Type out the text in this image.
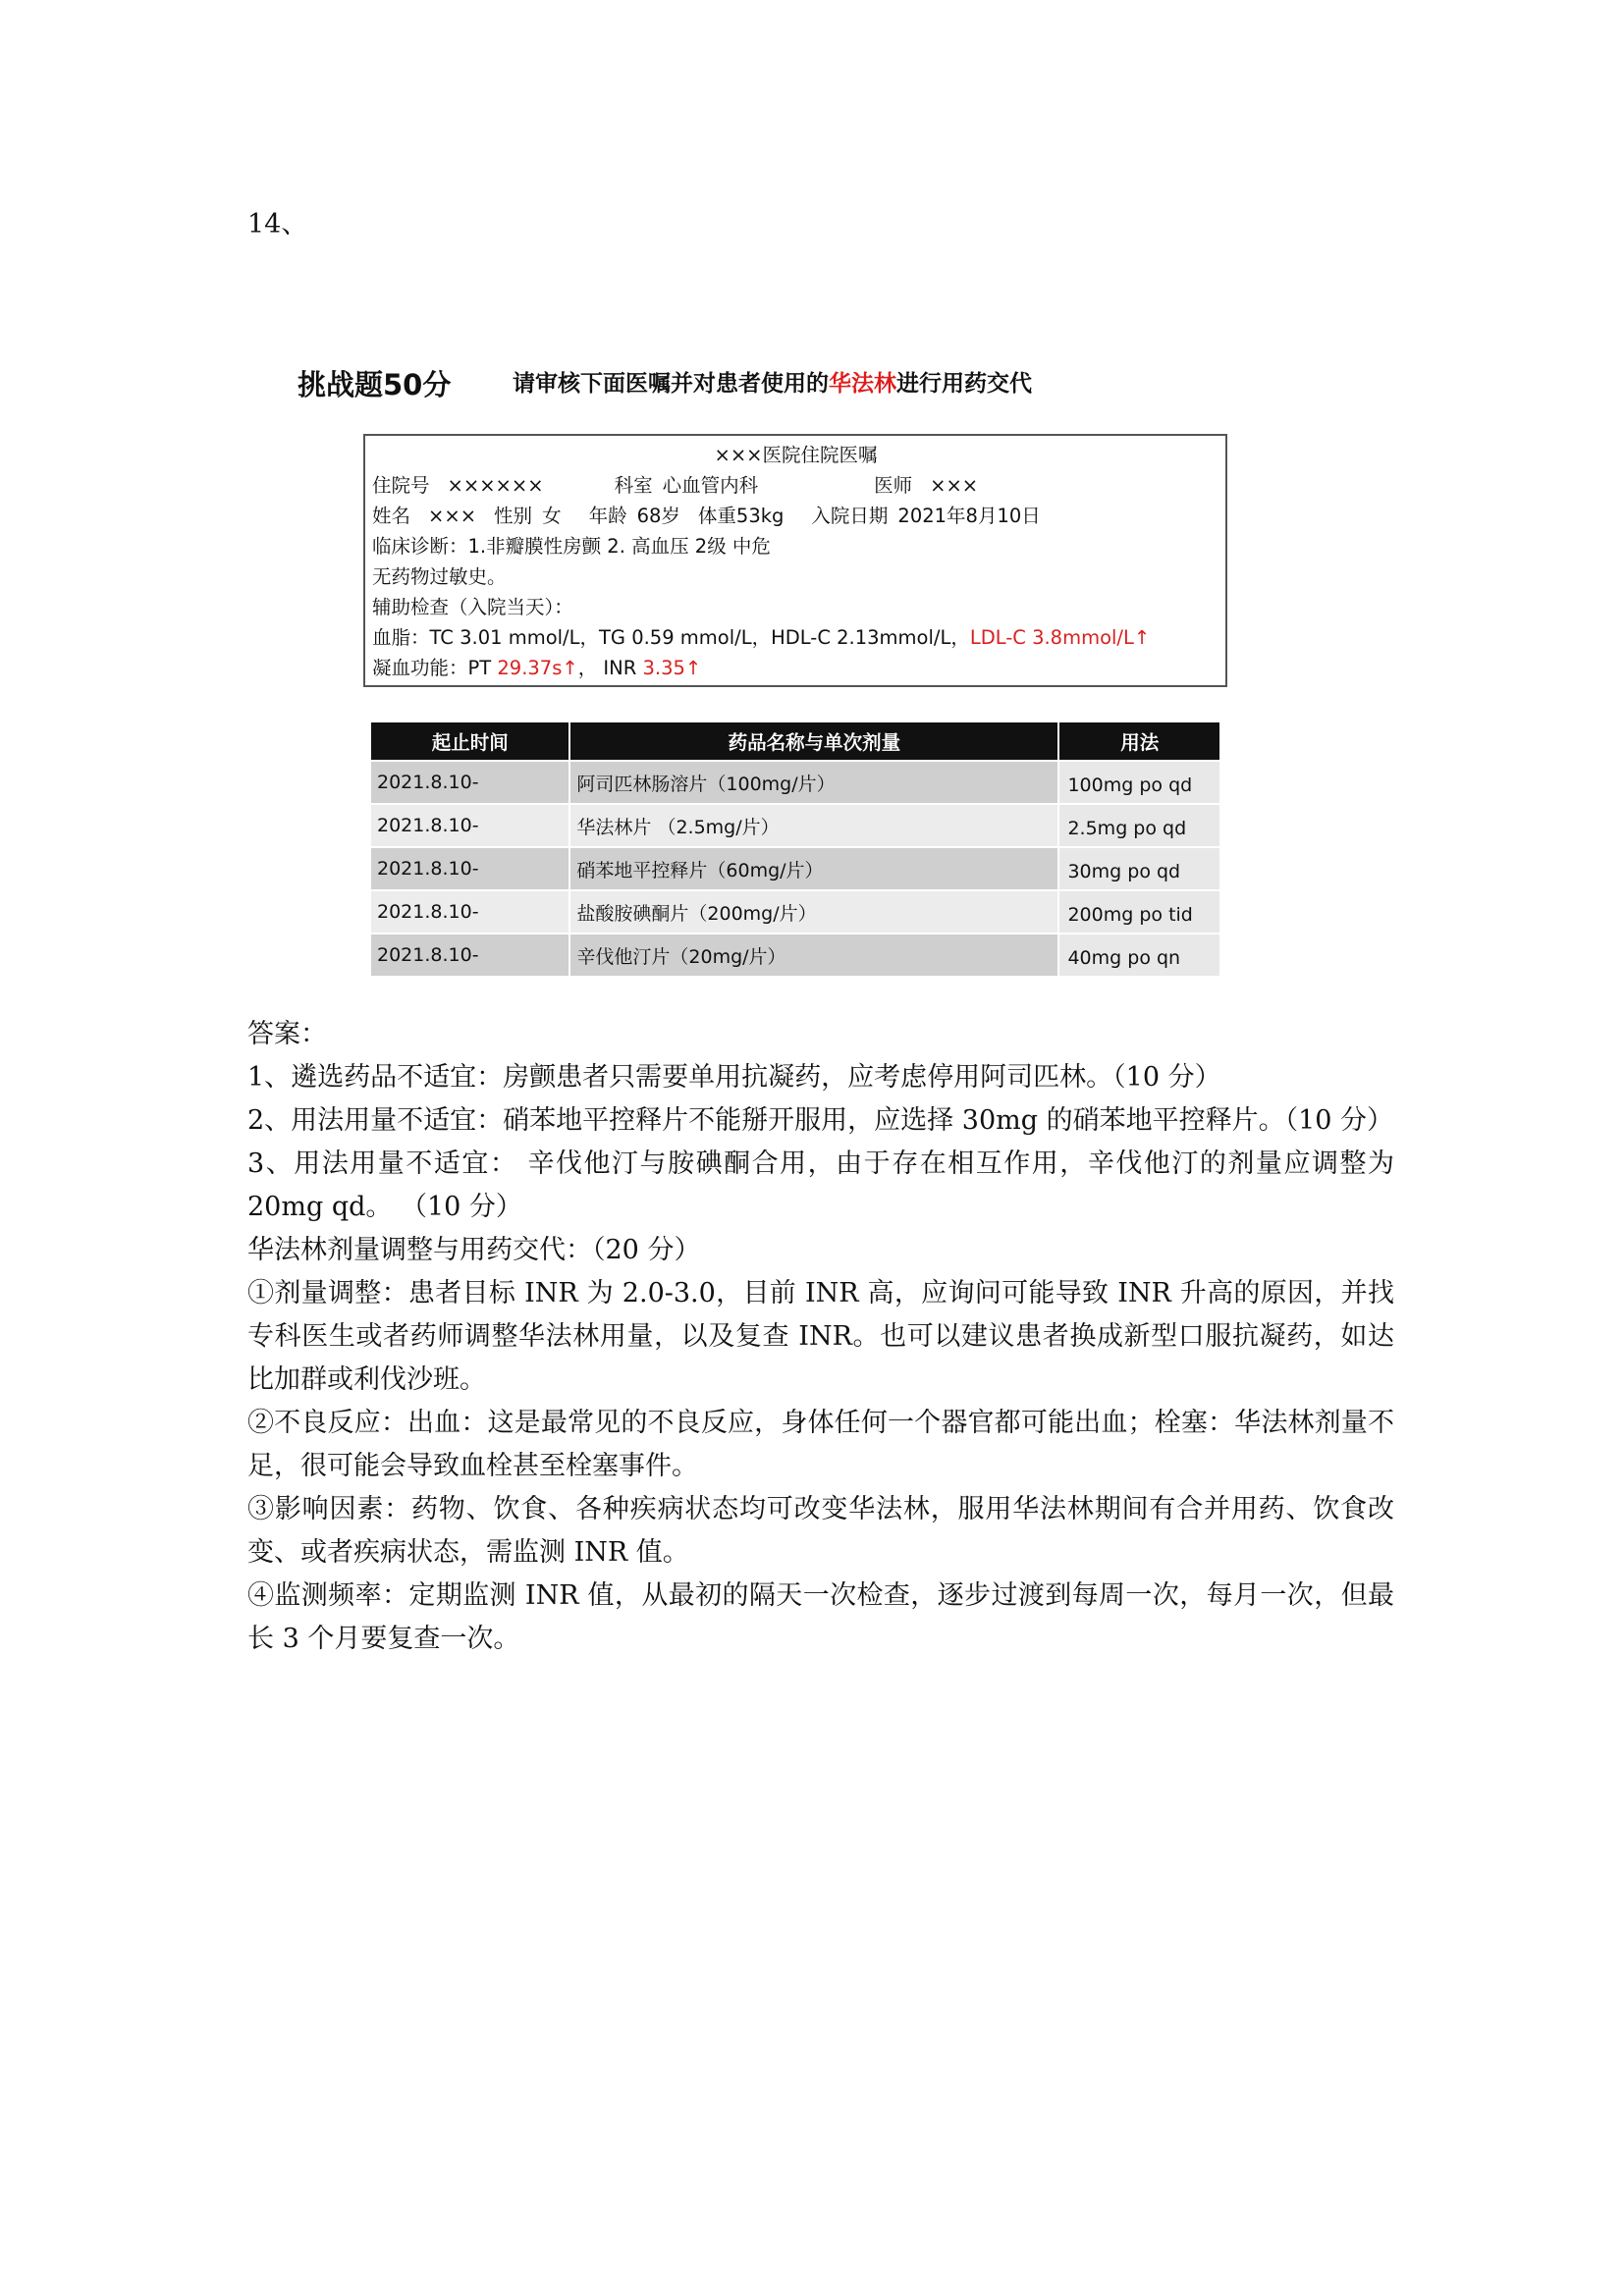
14、
挑战题50分	请审核下面医嘱并对患者使用的华法林进行用药交代
×××医院住院医嘱
住院号 ××××××	科室 心血管内科	医师 ×××
姓名 ××× 性别 女 年龄 68岁 体重53kg 入院日期 2021年8月10日
临床诊断：1.非瓣膜性房颤 2. 高血压 2级 中危
无药物过敏史。
辅助检查（入院当天）：
血脂：TC 3.01 mmol/L，TG 0.59 mmol/L，HDL-C 2.13mmol/L，LDL-C 3.8mmol/L↑
凝血功能：PT 29.37s↑， INR 3.35↑
起止时间	药品名称与单次剂量	用法
2021.8.10-	阿司匹林肠溶片（100mg/片）	100mg po qd
2021.8.10-	华法林片 （2.5mg/片）	2.5mg po qd
2021.8.10-	硝苯地平控释片（60mg/片）	30mg po qd
2021.8.10-	盐酸胺碘酮片（200mg/片）	200mg po tid
2021.8.10-	辛伐他汀片（20mg/片）	40mg po qn

答案：

1、遴选药品不适宜：房颤患者只需要单用抗凝药，应考虑停用阿司匹林。（10 分）

2、用法用量不适宜：硝苯地平控释片不能掰开服用，应选择 30mg 的硝苯地平控释片。（10 分）

3、用法用量不适宜： 辛伐他汀与胺碘酮合用，由于存在相互作用，辛伐他汀的剂量应调整为 20mg qd。 （10 分）

华法林剂量调整与用药交代：（20 分）

①剂量调整：患者目标 INR 为 2.0-3.0，目前 INR 高，应询问可能导致 INR 升高的原因，并找专科医生或者药师调整华法林用量，以及复查 INR。也可以建议患者换成新型口服抗凝药，如达比加群或利伐沙班。

②不良反应：出血：这是最常见的不良反应，身体任何一个器官都可能出血；栓塞：华法林剂量不足，很可能会导致血栓甚至栓塞事件。

③影响因素：药物、饮食、各种疾病状态均可改变华法林，服用华法林期间有合并用药、饮食改变、或者疾病状态，需监测 INR 值。

④监测频率：定期监测 INR 值，从最初的隔天一次检查，逐步过渡到每周一次，每月一次，但最长 3 个月要复查一次。
